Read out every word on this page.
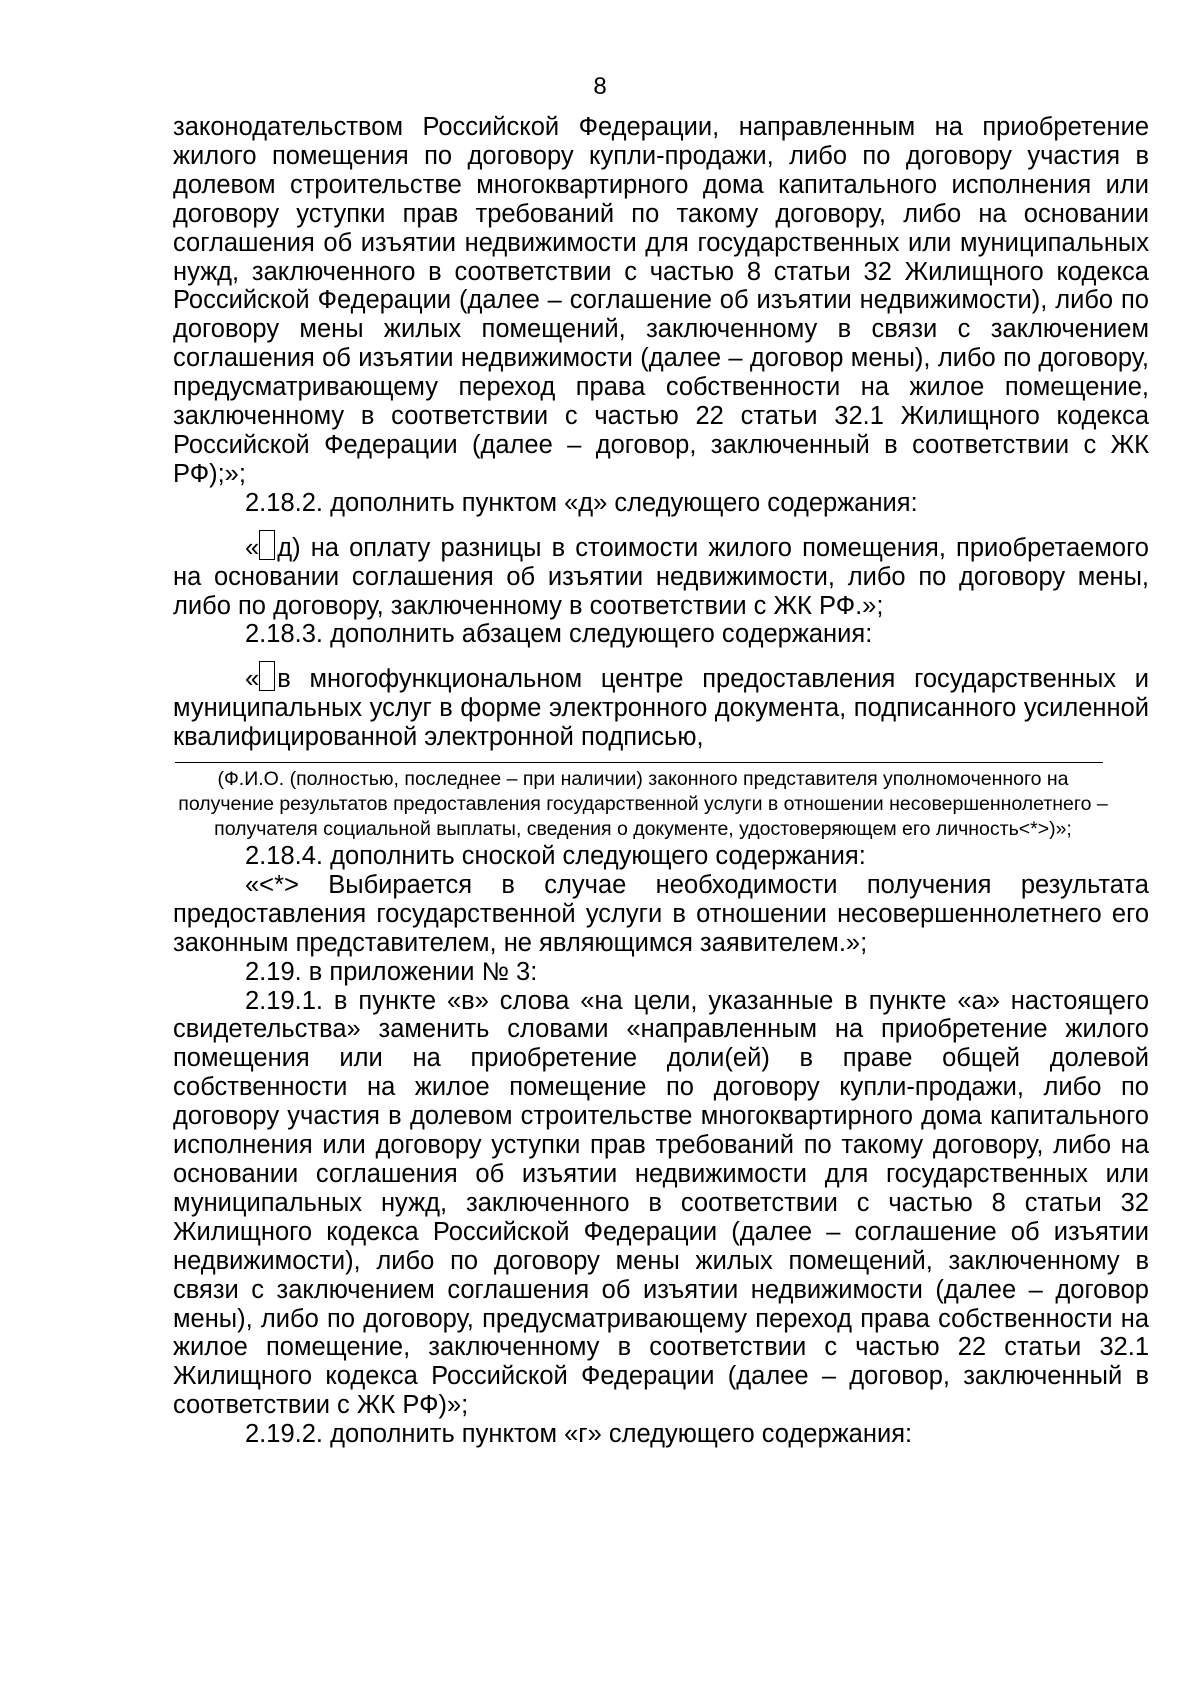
8

законодательством Российской Федерации, направленным на приобретение жилого помещения по договору купли-продажи, либо по договору участия в долевом строительстве многоквартирного дома капитального исполнения или договору уступки прав требований по такому договору, либо на основании соглашения об изъятии недвижимости для государственных или муниципальных нужд, заключенного в соответствии с частью 8 статьи 32 Жилищного кодекса Российской Федерации (далее – соглашение об изъятии недвижимости), либо по договору мены жилых помещений, заключенному в связи с заключением соглашения об изъятии недвижимости (далее – договор мены), либо по договору, предусматривающему переход права собственности на жилое помещение, заключенному в соответствии с частью 22 статьи 32.1 Жилищного кодекса Российской Федерации (далее – договор, заключенный в соответствии с ЖК РФ);»;

2.18.2. дополнить пунктом «д» следующего содержания:

« д) на оплату разницы в стоимости жилого помещения, приобретаемого на основании соглашения об изъятии недвижимости, либо по договору мены, либо по договору, заключенному в соответствии с ЖК РФ.»;

2.18.3. дополнить абзацем следующего содержания:

« в многофункциональном центре предоставления государственных и муниципальных услуг в форме электронного документа, подписанного усиленной квалифицированной электронной подписью,

(Ф.И.О. (полностью, последнее – при наличии) законного представителя уполномоченного на получение результатов предоставления государственной услуги в отношении несовершеннолетнего – получателя социальной выплаты, сведения о документе, удостоверяющем его личность<*>)»;

2.18.4. дополнить сноской следующего содержания:

«<*> Выбирается в случае необходимости получения результата предоставления государственной услуги в отношении несовершеннолетнего его законным представителем, не являющимся заявителем.»;

2.19. в приложении № 3:

2.19.1. в пункте «в» слова «на цели, указанные в пункте «а» настоящего свидетельства» заменить словами «направленным на приобретение жилого помещения или на приобретение доли(ей) в праве общей долевой собственности на жилое помещение по договору купли-продажи, либо по договору участия в долевом строительстве многоквартирного дома капитального исполнения или договору уступки прав требований по такому договору, либо на основании соглашения об изъятии недвижимости для государственных или муниципальных нужд, заключенного в соответствии с частью 8 статьи 32 Жилищного кодекса Российской Федерации (далее – соглашение об изъятии недвижимости), либо по договору мены жилых помещений, заключенному в связи с заключением соглашения об изъятии недвижимости (далее – договор мены), либо по договору, предусматривающему переход права собственности на жилое помещение, заключенному в соответствии с частью 22 статьи 32.1 Жилищного кодекса Российской Федерации (далее – договор, заключенный в соответствии с ЖК РФ)»;

2.19.2. дополнить пунктом «г» следующего содержания:
